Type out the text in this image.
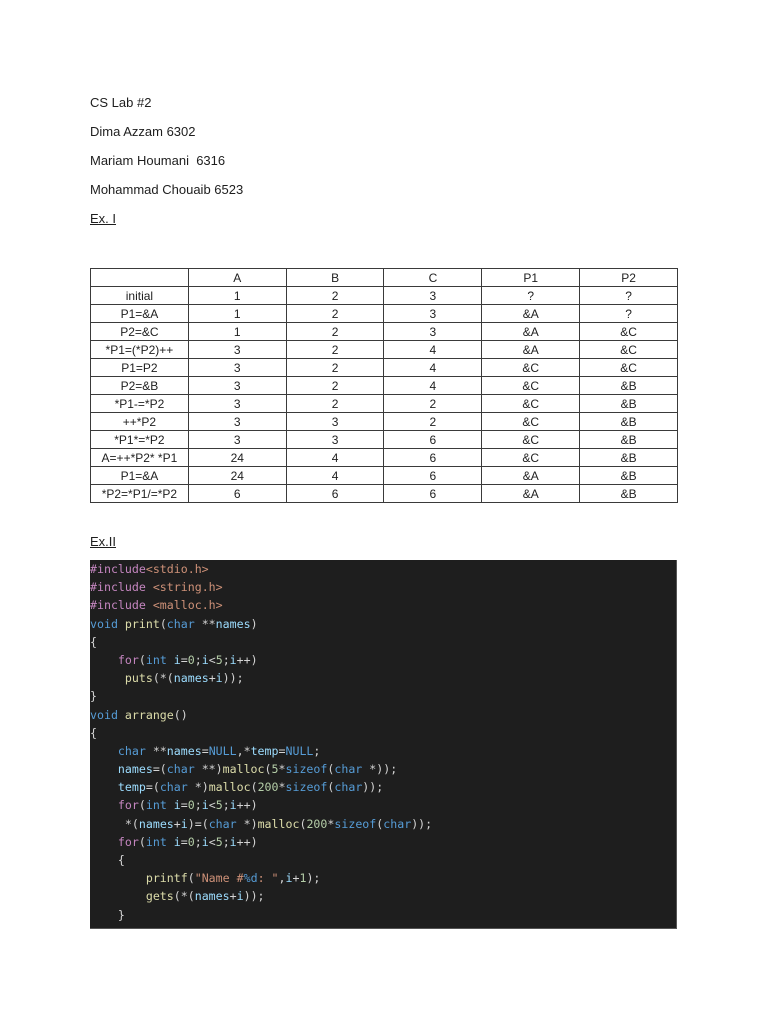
CS Lab #2
Dima Azzam 6302
Mariam Houmani  6316
Mohammad Chouaib 6523
Ex. I
	A	B	C	P1	P2
initial	1	2	3	?	?
P1=&A	1	2	3	&A	?
P2=&C	1	2	3	&A	&C
*P1=(*P2)++	3	2	4	&A	&C
P1=P2	3	2	4	&C	&C
P2=&B	3	2	4	&C	&B
*P1-=*P2	3	2	2	&C	&B
++*P2	3	3	2	&C	&B
*P1*=*P2	3	3	6	&C	&B
A=++*P2* *P1	24	4	6	&C	&B
P1=&A	24	4	6	&A	&B
*P2=*P1/=*P2	6	6	6	&A	&B
Ex.II
#include<stdio.h>
#include <string.h>
#include <malloc.h>
void print(char **names)
{
for(int i=0;i<5;i++)
puts(*(names+i));
}
void arrange()
{
char **names=NULL,*temp=NULL;
names=(char **)malloc(5*sizeof(char *));
temp=(char *)malloc(200*sizeof(char));
for(int i=0;i<5;i++)
*(names+i)=(char *)malloc(200*sizeof(char));
for(int i=0;i<5;i++)
{
printf("Name #%d: ",i+1);
gets(*(names+i));
}
